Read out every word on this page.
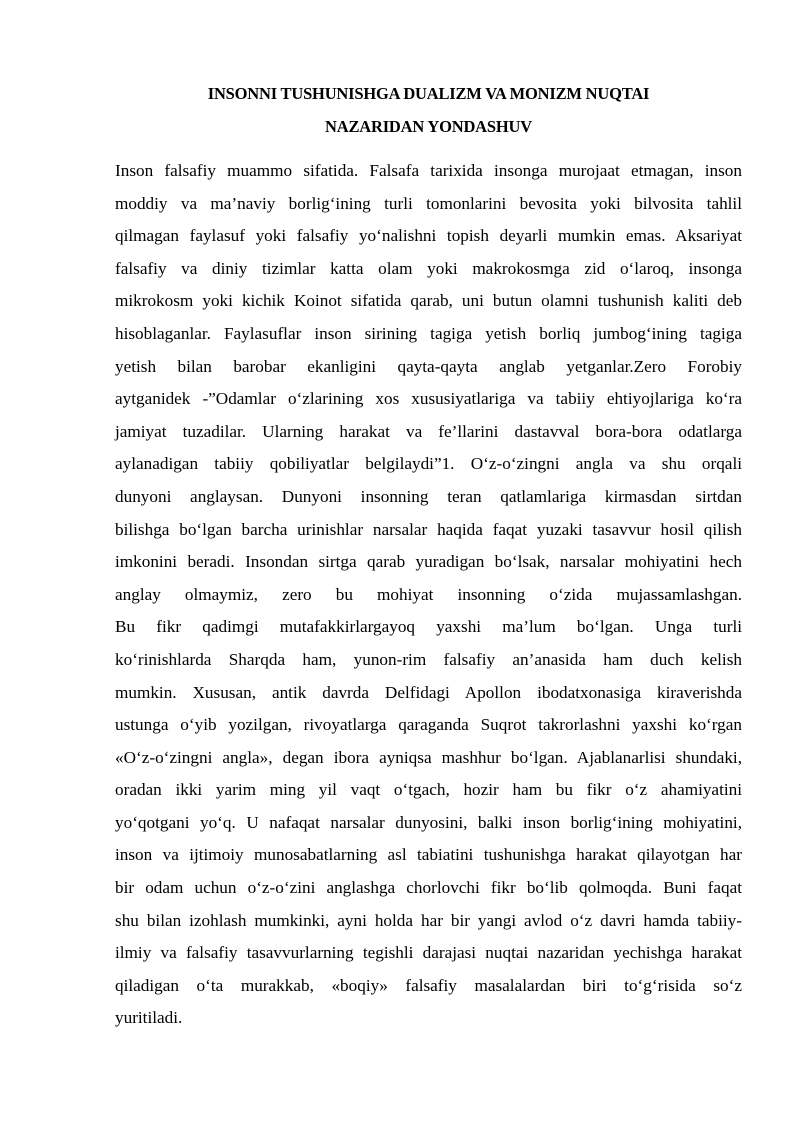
INSONNI TUSHUNISHGA DUALIZM VA MONIZM NUQTAI
NAZARIDAN YONDASHUV
Inson falsafiy muammo sifatida. Falsafa tarixida insonga murojaat etmagan, inson
moddiy va ma’naviy borlig‘ining turli tomonlarini bevosita yoki bilvosita tahlil
qilmagan faylasuf yoki falsafiy yo‘nalishni topish deyarli mumkin emas. Aksariyat
falsafiy va diniy tizimlar katta olam yoki makrokosmga zid o‘laroq, insonga
mikrokosm yoki kichik Koinot sifatida qarab, uni butun olamni tushunish kaliti deb
hisoblaganlar. Faylasuflar inson sirining tagiga yetish borliq jumbog‘ining tagiga
yetish bilan barobar ekanligini qayta-qayta anglab yetganlar.Zero Forobiy
aytganidek -”Odamlar o‘zlarining xos xususiyatlariga va tabiiy ehtiyojlariga ko‘ra
jamiyat tuzadilar. Ularning harakat va fe’llarini dastavval bora-bora odatlarga
aylanadigan tabiiy qobiliyatlar belgilaydi”1. O‘z-o‘zingni angla va shu orqali
dunyoni anglaysan. Dunyoni insonning teran qatlamlariga kirmasdan sirtdan
bilishga bo‘lgan barcha urinishlar narsalar haqida faqat yuzaki tasavvur hosil qilish
imkonini beradi. Insondan sirtga qarab yuradigan bo‘lsak, narsalar mohiyatini hech
anglay olmaymiz, zero bu mohiyat insonning o‘zida mujassamlashgan.
Bu fikr qadimgi mutafakkirlargayoq yaxshi ma’lum bo‘lgan. Unga turli
ko‘rinishlarda Sharqda ham, yunon-rim falsafiy an’anasida ham duch kelish
mumkin. Xususan, antik davrda Delfidagi Apollon ibodatxonasiga kiraverishda
ustunga o‘yib yozilgan, rivoyatlarga qaraganda Suqrot takrorlashni yaxshi ko‘rgan
«O‘z-o‘zingni angla», degan ibora ayniqsa mashhur bo‘lgan. Ajablanarlisi shundaki,
oradan ikki yarim ming yil vaqt o‘tgach, hozir ham bu fikr o‘z ahamiyatini
yo‘qotgani yo‘q. U nafaqat narsalar dunyosini, balki inson borlig‘ining mohiyatini,
inson va ijtimoiy munosabatlarning asl tabiatini tushunishga harakat qilayotgan har
bir odam uchun o‘z-o‘zini anglashga chorlovchi fikr bo‘lib qolmoqda. Buni faqat
shu bilan izohlash mumkinki, ayni holda har bir yangi avlod o‘z davri hamda tabiiy-
ilmiy va falsafiy tasavvurlarning tegishli darajasi nuqtai nazaridan yechishga harakat
qiladigan o‘ta murakkab, «boqiy» falsafiy masalalardan biri to‘g‘risida so‘z
yuritiladi.
